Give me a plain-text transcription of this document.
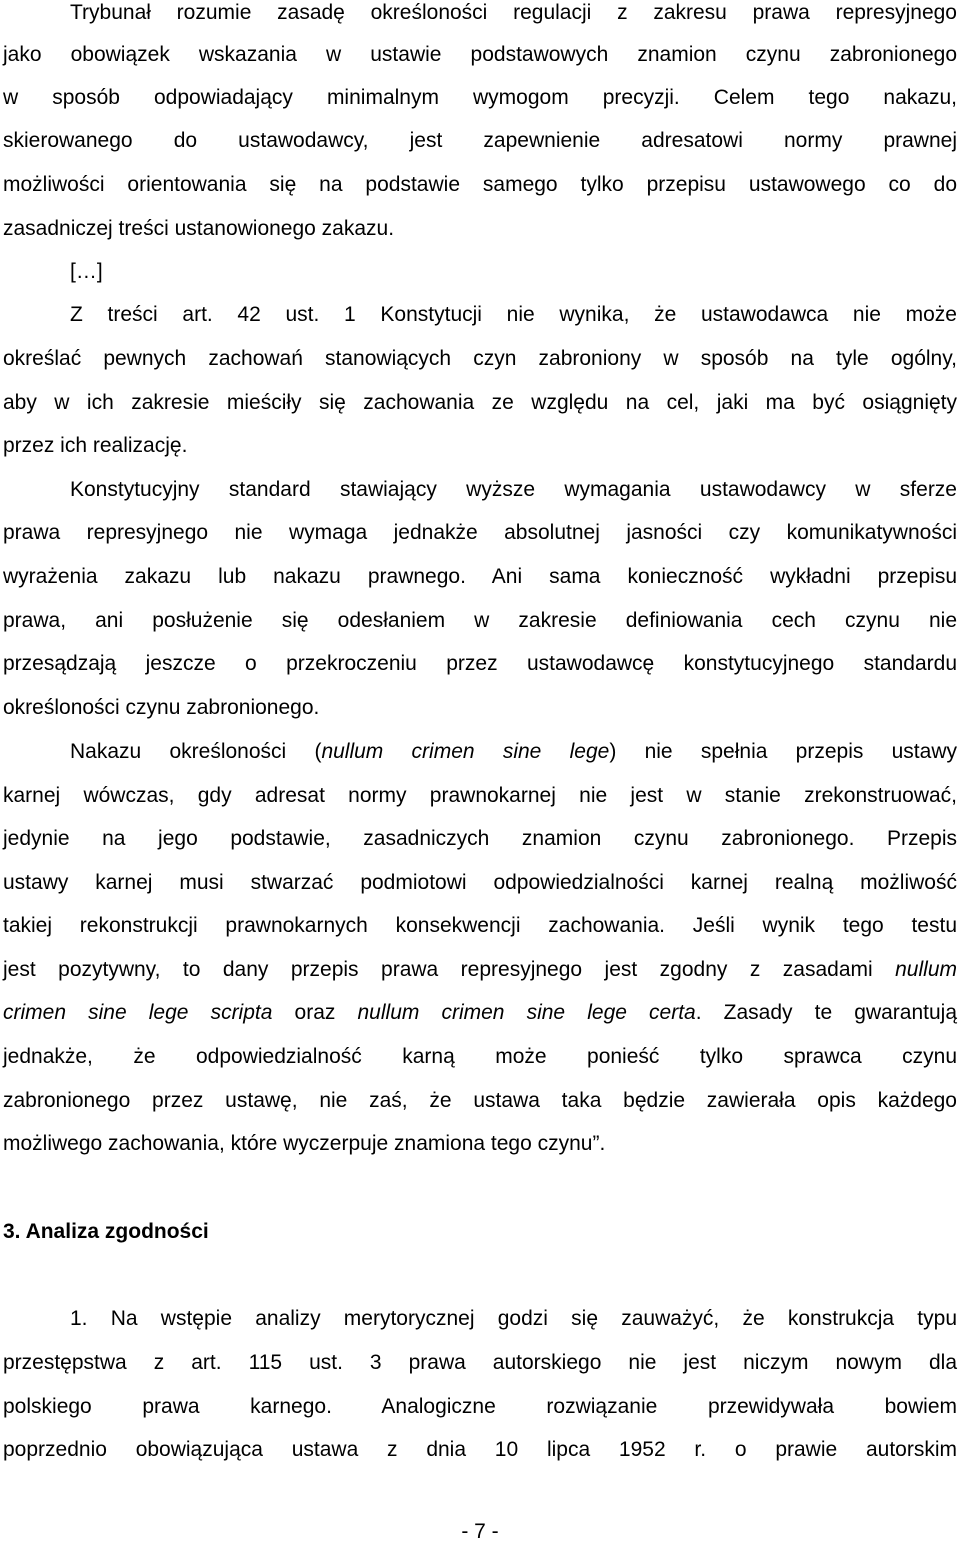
Trybunał rozumie zasadę określoności regulacji z zakresu prawa represyjnego
jako obowiązek wskazania w ustawie podstawowych znamion czynu zabronionego
w sposób odpowiadający minimalnym wymogom precyzji. Celem tego nakazu,
skierowanego do ustawodawcy, jest zapewnienie adresatowi normy prawnej
możliwości orientowania się na podstawie samego tylko przepisu ustawowego co do
zasadniczej treści ustanowionego zakazu.
[…]
Z treści art. 42 ust. 1 Konstytucji nie wynika, że ustawodawca nie może
określać pewnych zachowań stanowiących czyn zabroniony w sposób na tyle ogólny,
aby w ich zakresie mieściły się zachowania ze względu na cel, jaki ma być osiągnięty
przez ich realizację.
Konstytucyjny standard stawiający wyższe wymagania ustawodawcy w sferze
prawa represyjnego nie wymaga jednakże absolutnej jasności czy komunikatywności
wyrażenia zakazu lub nakazu prawnego. Ani sama konieczność wykładni przepisu
prawa, ani posłużenie się odesłaniem w zakresie definiowania cech czynu nie
przesądzają jeszcze o przekroczeniu przez ustawodawcę konstytucyjnego standardu
określoności czynu zabronionego.
Nakazu określoności (nullum crimen sine lege) nie spełnia przepis ustawy
karnej wówczas, gdy adresat normy prawnokarnej nie jest w stanie zrekonstruować,
jedynie na jego podstawie, zasadniczych znamion czynu zabronionego. Przepis
ustawy karnej musi stwarzać podmiotowi odpowiedzialności karnej realną możliwość
takiej rekonstrukcji prawnokarnych konsekwencji zachowania. Jeśli wynik tego testu
jest pozytywny, to dany przepis prawa represyjnego jest zgodny z zasadami nullum
crimen sine lege scripta oraz nullum crimen sine lege certa. Zasady te gwarantują
jednakże, że odpowiedzialność karną może ponieść tylko sprawca czynu
zabronionego przez ustawę, nie zaś, że ustawa taka będzie zawierała opis każdego
możliwego zachowania, które wyczerpuje znamiona tego czynu”.
3. Analiza zgodności
1. Na wstępie analizy merytorycznej godzi się zauważyć, że konstrukcja typu
przestępstwa z art. 115 ust. 3 prawa autorskiego nie jest niczym nowym dla
polskiego prawa karnego. Analogiczne rozwiązanie przewidywała bowiem
poprzednio obowiązująca ustawa z dnia 10 lipca 1952 r. o prawie autorskim
- 7 -
